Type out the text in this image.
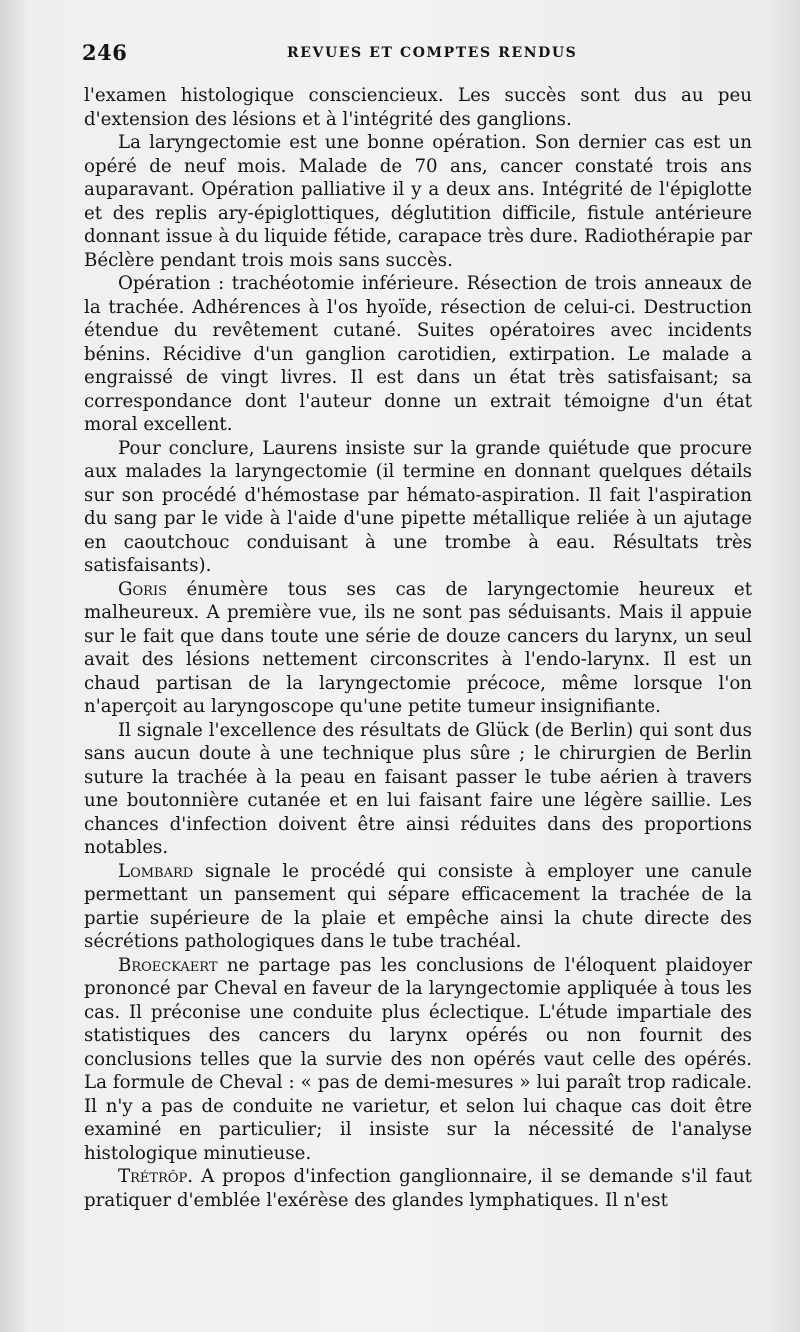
246	REVUES ET COMPTES RENDUS

l'examen histologique consciencieux. Les succès sont dus au peu d'extension des lésions et à l'intégrité des ganglions.

La laryngectomie est une bonne opération. Son dernier cas est un opéré de neuf mois. Malade de 70 ans, cancer constaté trois ans auparavant. Opération palliative il y a deux ans. Intégrité de l'épiglotte et des replis ary-épiglottiques, déglutition difficile, fistule antérieure donnant issue à du liquide fétide, carapace très dure. Radiothérapie par Béclère pendant trois mois sans succès.

Opération : trachéotomie inférieure. Résection de trois anneaux de la trachée. Adhérences à l'os hyoïde, résection de celui-ci. Destruction étendue du revêtement cutané. Suites opératoires avec incidents bénins. Récidive d'un ganglion carotidien, extirpation. Le malade a engraissé de vingt livres. Il est dans un état très satisfaisant; sa correspondance dont l'auteur donne un extrait témoigne d'un état moral excellent.

Pour conclure, Laurens insiste sur la grande quiétude que procure aux malades la laryngectomie (il termine en donnant quelques détails sur son procédé d'hémostase par hémato-aspiration. Il fait l'aspiration du sang par le vide à l'aide d'une pipette métallique reliée à un ajutage en caoutchouc conduisant à une trombe à eau. Résultats très satisfaisants).

Goris énumère tous ses cas de laryngectomie heureux et malheureux. A première vue, ils ne sont pas séduisants. Mais il appuie sur le fait que dans toute une série de douze cancers du larynx, un seul avait des lésions nettement circonscrites à l'endo-larynx. Il est un chaud partisan de la laryngectomie précoce, même lorsque l'on n'aperçoit au laryngoscope qu'une petite tumeur insignifiante.

Il signale l'excellence des résultats de Glück (de Berlin) qui sont dus sans aucun doute à une technique plus sûre ; le chirurgien de Berlin suture la trachée à la peau en faisant passer le tube aérien à travers une boutonnière cutanée et en lui faisant faire une légère saillie. Les chances d'infection doivent être ainsi réduites dans des proportions notables.

Lombard signale le procédé qui consiste à employer une canule permettant un pansement qui sépare efficacement la trachée de la partie supérieure de la plaie et empêche ainsi la chute directe des sécrétions pathologiques dans le tube trachéal.

Broeckaert ne partage pas les conclusions de l'éloquent plaidoyer prononcé par Cheval en faveur de la laryngectomie appliquée à tous les cas. Il préconise une conduite plus éclectique. L'étude impartiale des statistiques des cancers du larynx opérés ou non fournit des conclusions telles que la survie des non opérés vaut celle des opérés. La formule de Cheval : « pas de demi-mesures » lui paraît trop radicale. Il n'y a pas de conduite ne varietur, et selon lui chaque cas doit être examiné en particulier; il insiste sur la nécessité de l'analyse histologique minutieuse.

Trétrôp. A propos d'infection ganglionnaire, il se demande s'il faut pratiquer d'emblée l'exérèse des glandes lymphatiques. Il n'est
